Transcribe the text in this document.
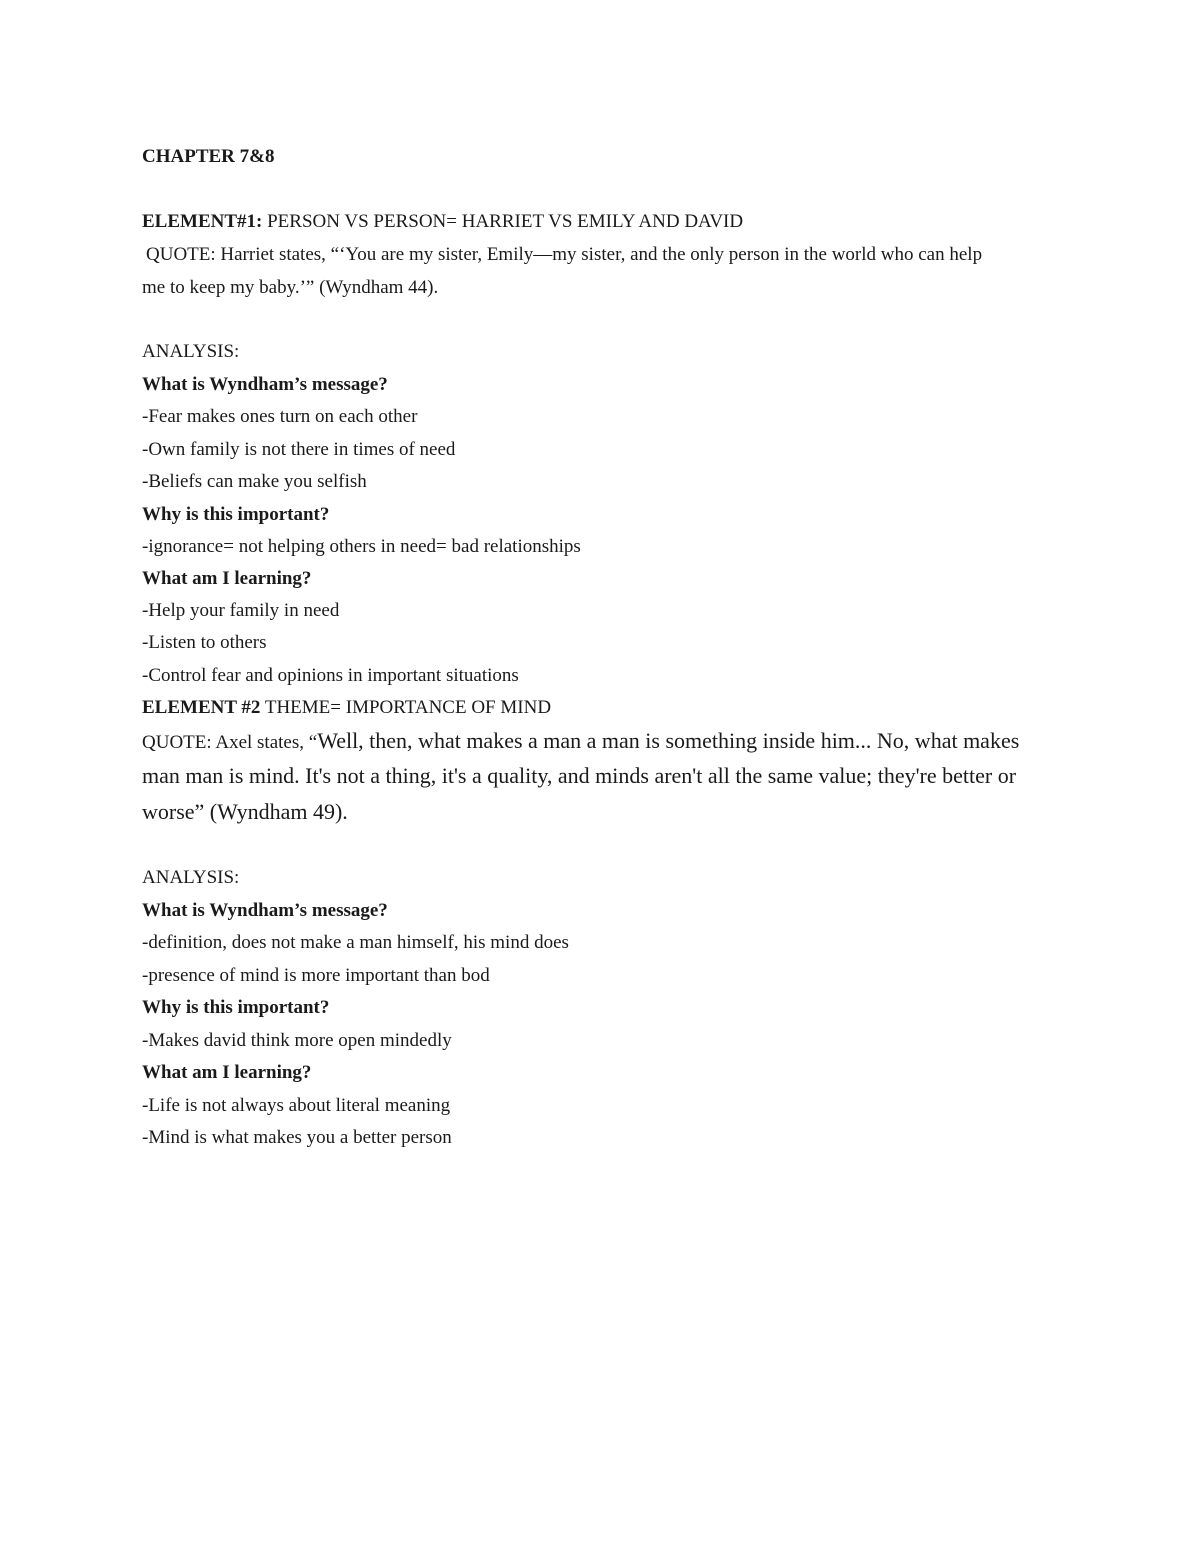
CHAPTER 7&8
ELEMENT#1: PERSON VS PERSON= HARRIET VS EMILY AND DAVID
QUOTE: Harriet states, “‘You are my sister, Emily—my sister, and the only person in the world who can help
me to keep my baby.’” (Wyndham 44).
ANALYSIS:
What is Wyndham’s message?
-Fear makes ones turn on each other
-Own family is not there in times of need
-Beliefs can make you selfish
Why is this important?
-ignorance= not helping others in need= bad relationships
What am I learning?
-Help your family in need
-Listen to others
-Control fear and opinions in important situations
ELEMENT #2 THEME= IMPORTANCE OF MIND
QUOTE: Axel states, “Well, then, what makes a man a man is something inside him... No, what makes
man man is mind. It's not a thing, it's a quality, and minds aren't all the same value; they're better or
worse” (Wyndham 49).
ANALYSIS:
What is Wyndham’s message?
-definition, does not make a man himself, his mind does
-presence of mind is more important than bod
Why is this important?
-Makes david think more open mindedly
What am I learning?
-Life is not always about literal meaning
-Mind is what makes you a better person
